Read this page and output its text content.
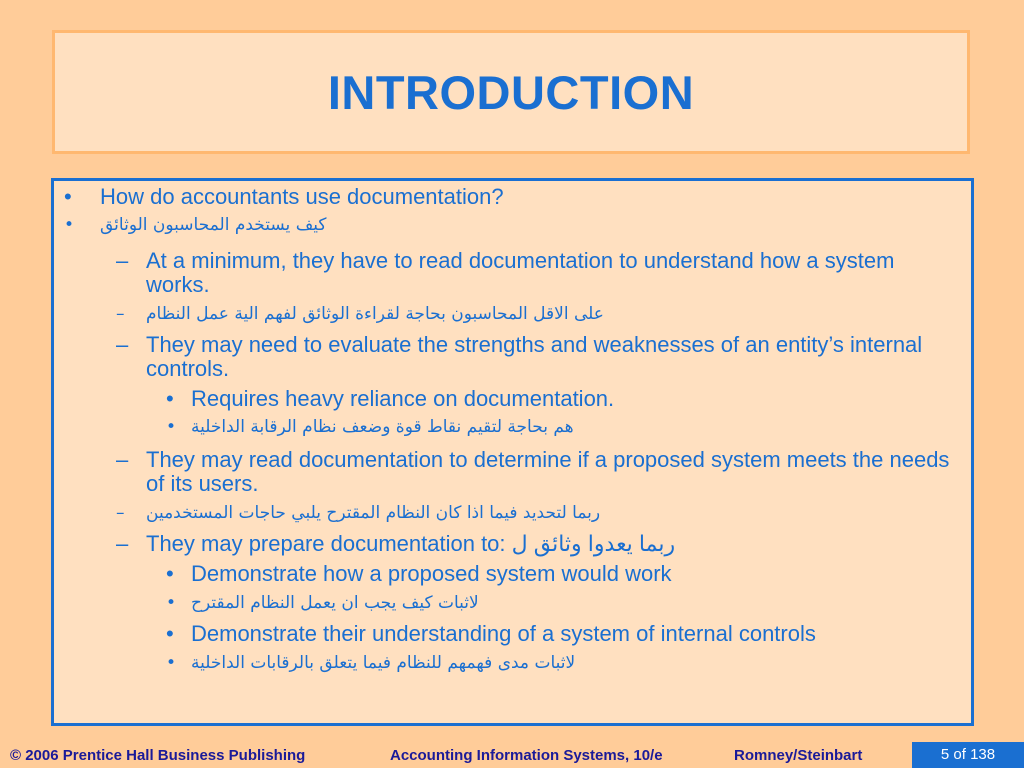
INTRODUCTION
• How do accountants use documentation?
• كيف يستخدم المحاسبون الوثائق
– At a minimum, they have to read documentation to understand how a system works.
– على الاقل المحاسبون بحاجة لقراءة الوثائق لفهم الية عمل النظام
– They may need to evaluate the strengths and weaknesses of an entity’s internal controls.
• Requires heavy reliance on documentation.
• هم بحاجة لتقيم نقاط قوة وضعف نظام الرقابة الداخلية
– They may read documentation to determine if a proposed system meets the needs of its users.
– ربما لتحديد فيما اذا كان النظام المقترح يلبي حاجات المستخدمين
– They may prepare documentation to: ربما يعدوا وثائق ل
• Demonstrate how a proposed system would work
• لاثبات كيف يجب ان يعمل النظام المقترح
• Demonstrate their understanding of a system of internal controls
• لاثبات مدى فهمهم للنظام فيما يتعلق بالرقابات الداخلية
© 2006 Prentice Hall Business Publishing	Accounting Information Systems, 10/e	Romney/Steinbart	5 of 138
